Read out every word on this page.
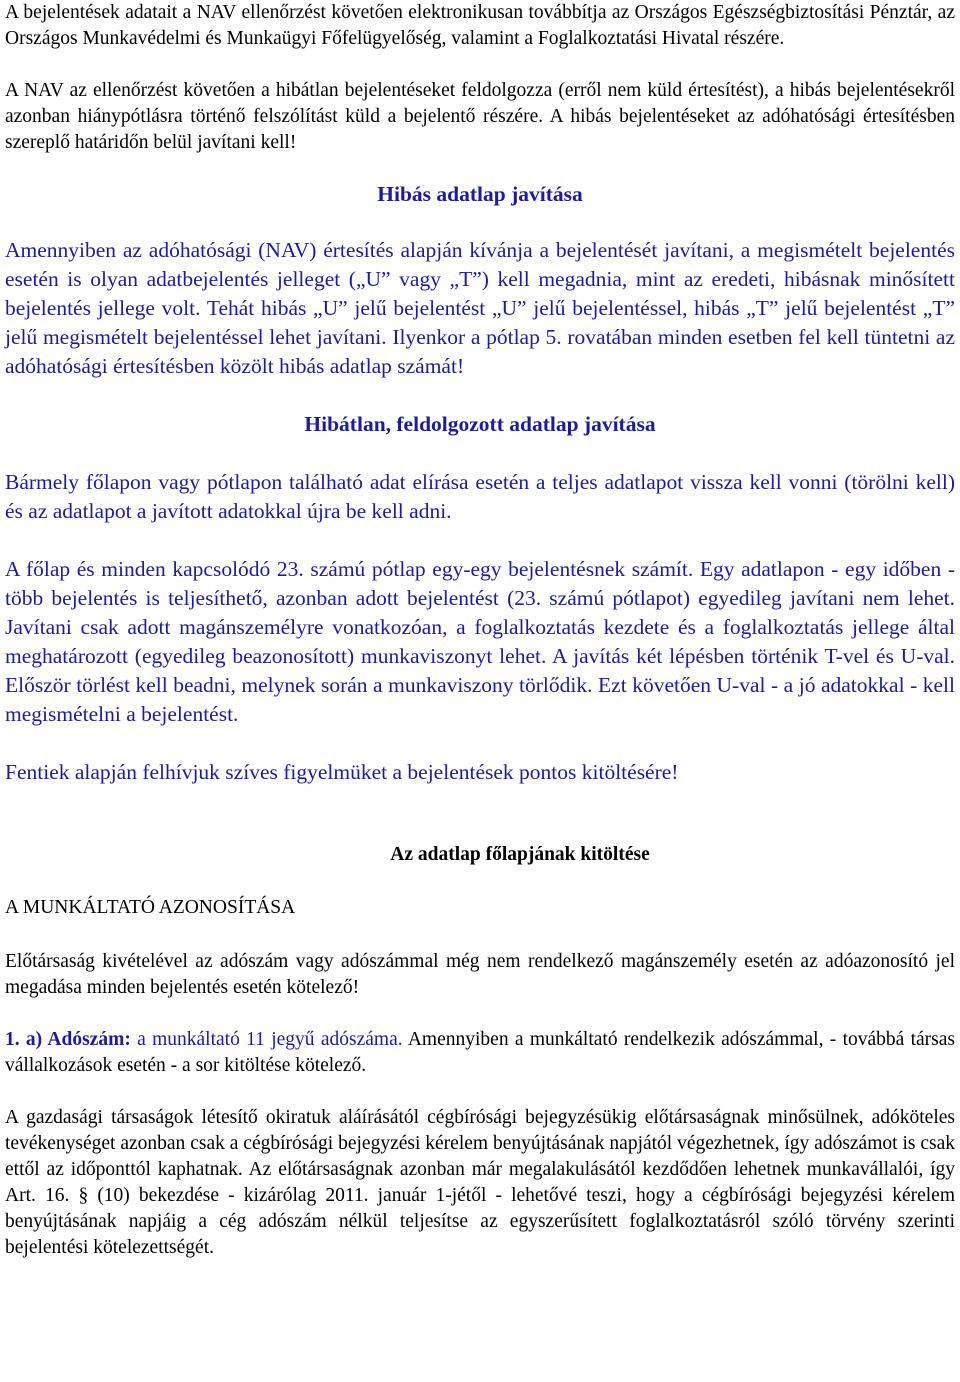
A bejelentések adatait a NAV ellenőrzést követően elektronikusan továbbítja az Országos Egészségbiztosítási Pénztár, az Országos Munkavédelmi és Munkaügyi Főfelügyelőség, valamint a Foglalkoztatási Hivatal részére.

A NAV az ellenőrzést követően a hibátlan bejelentéseket feldolgozza (erről nem küld értesítést), a hibás bejelentésekről azonban hiánypótlásra történő felszólítást küld a bejelentő részére. A hibás bejelentéseket az adóhatósági értesítésben szereplő határidőn belül javítani kell!

Hibás adatlap javítása

Amennyiben az adóhatósági (NAV) értesítés alapján kívánja a bejelentését javítani, a megismételt bejelentés esetén is olyan adatbejelentés jelleget („U” vagy „T”) kell megadnia, mint az eredeti, hibásnak minősített bejelentés jellege volt. Tehát hibás „U” jelű bejelentést „U” jelű bejelentéssel, hibás „T” jelű bejelentést „T” jelű megismételt bejelentéssel lehet javítani. Ilyenkor a pótlap 5. rovatában minden esetben fel kell tüntetni az adóhatósági értesítésben közölt hibás adatlap számát!

Hibátlan, feldolgozott adatlap javítása

Bármely főlapon vagy pótlapon található adat elírása esetén a teljes adatlapot vissza kell vonni (törölni kell) és az adatlapot a javított adatokkal újra be kell adni.

A főlap és minden kapcsolódó 23. számú pótlap egy-egy bejelentésnek számít. Egy adatlapon - egy időben - több bejelentés is teljesíthető, azonban adott bejelentést (23. számú pótlapot) egyedileg javítani nem lehet. Javítani csak adott magánszemélyre vonatkozóan, a foglalkoztatás kezdete és a foglalkoztatás jellege által meghatározott (egyedileg beazonosított) munkaviszonyt lehet. A javítás két lépésben történik T-vel és U-val. Először törlést kell beadni, melynek során a munkaviszony törlődik. Ezt követően U-val - a jó adatokkal - kell megismételni a bejelentést.

Fentiek alapján felhívjuk szíves figyelmüket a bejelentések pontos kitöltésére!

Az adatlap főlapjának kitöltése

A MUNKÁLTATÓ AZONOSÍTÁSA

Előtársaság kivételével az adószám vagy adószámmal még nem rendelkező magánszemély esetén az adóazonosító jel megadása minden bejelentés esetén kötelező!

1. a) Adószám: a munkáltató 11 jegyű adószáma. Amennyiben a munkáltató rendelkezik adószámmal, - továbbá társas vállalkozások esetén - a sor kitöltése kötelező.

A gazdasági társaságok létesítő okiratuk aláírásától cégbírósági bejegyzésükig előtársaságnak minősülnek, adóköteles tevékenységet azonban csak a cégbírósági bejegyzési kérelem benyújtásának napjától végezhetnek, így adószámot is csak ettől az időponttól kaphatnak. Az előtársaságnak azonban már megalakulásától kezdődően lehetnek munkavállalói, így Art. 16. § (10) bekezdése - kizárólag 2011. január 1-jétől - lehetővé teszi, hogy a cégbírósági bejegyzési kérelem benyújtásának napjáig a cég adószám nélkül teljesítse az egyszerűsített foglalkoztatásról szóló törvény szerinti bejelentési kötelezettségét.
